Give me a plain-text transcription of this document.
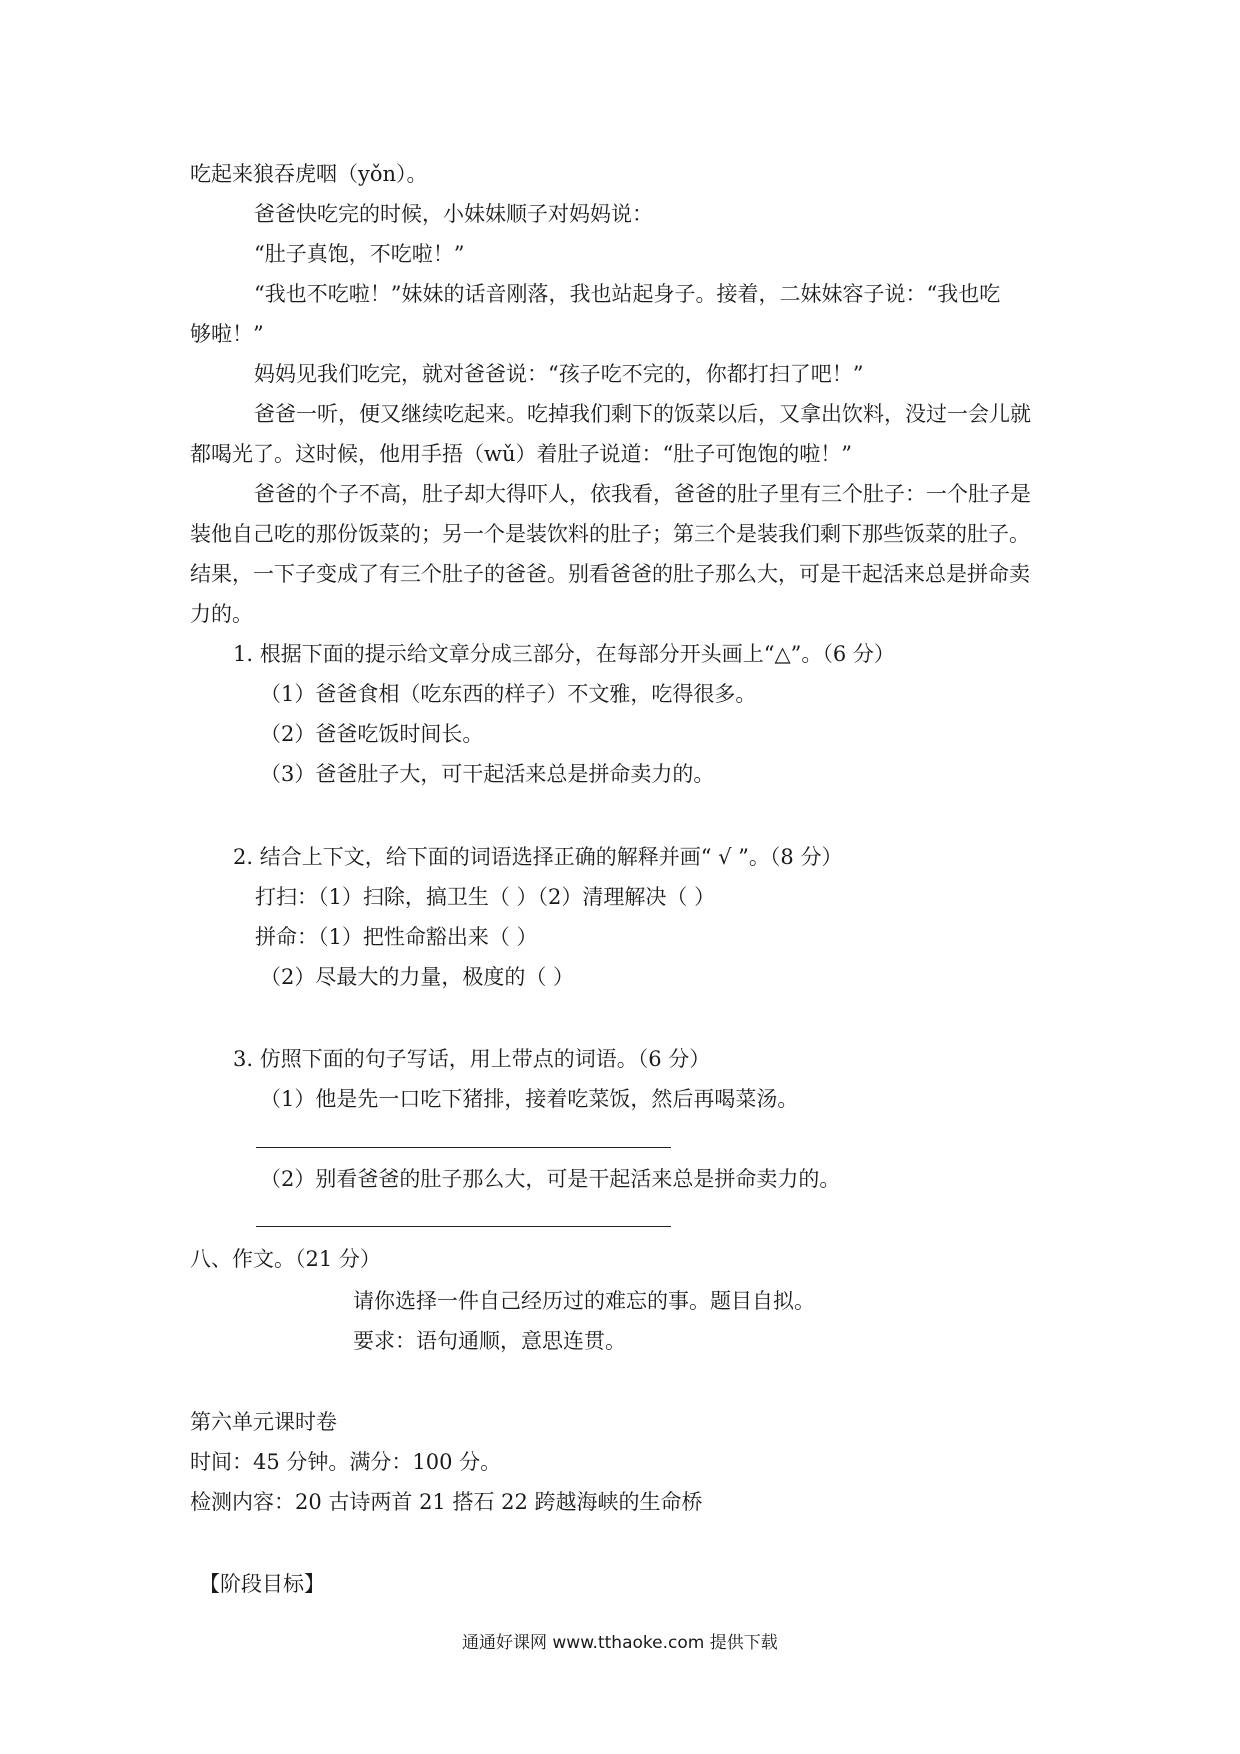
吃起来狼吞虎咽（yǒn）。
爸爸快吃完的时候，小妹妹顺子对妈妈说：
“肚子真饱，不吃啦！”
“我也不吃啦！”妹妹的话音刚落，我也站起身子。接着，二妹妹容子说：“我也吃
够啦！”
妈妈见我们吃完，就对爸爸说：“孩子吃不完的，你都打扫了吧！”
爸爸一听，便又继续吃起来。吃掉我们剩下的饭菜以后，又拿出饮料，没过一会儿就
都喝光了。这时候，他用手捂（wǔ）着肚子说道：“肚子可饱饱的啦！”
爸爸的个子不高，肚子却大得吓人，依我看，爸爸的肚子里有三个肚子：一个肚子是
装他自己吃的那份饭菜的；另一个是装饮料的肚子；第三个是装我们剩下那些饭菜的肚子。
结果，一下子变成了有三个肚子的爸爸。别看爸爸的肚子那么大，可是干起活来总是拼命卖
力的。
1. 根据下面的提示给文章分成三部分，在每部分开头画上“△”。（6 分）
（1）爸爸食相（吃东西的样子）不文雅，吃得很多。
（2）爸爸吃饭时间长。
（3）爸爸肚子大，可干起活来总是拼命卖力的。
2. 结合上下文，给下面的词语选择正确的解释并画“ √ ”。（8 分）
打扫：（1）扫除，搞卫生（ ）（2）清理解决（ ）
拼命：（1）把性命豁出来（ ）
（2）尽最大的力量，极度的（ ）
3. 仿照下面的句子写话，用上带点的词语。（6 分）
（1）他是先一口吃下猪排，接着吃菜饭，然后再喝菜汤。
（2）别看爸爸的肚子那么大，可是干起活来总是拼命卖力的。
八、作文。（21 分）
请你选择一件自己经历过的难忘的事。题目自拟。
要求：语句通顺，意思连贯。
第六单元课时卷
时间：45 分钟。满分：100 分。
检测内容：20 古诗两首 21 搭石 22 跨越海峡的生命桥
【阶段目标】
通通好课网 www.tthaoke.com 提供下载
